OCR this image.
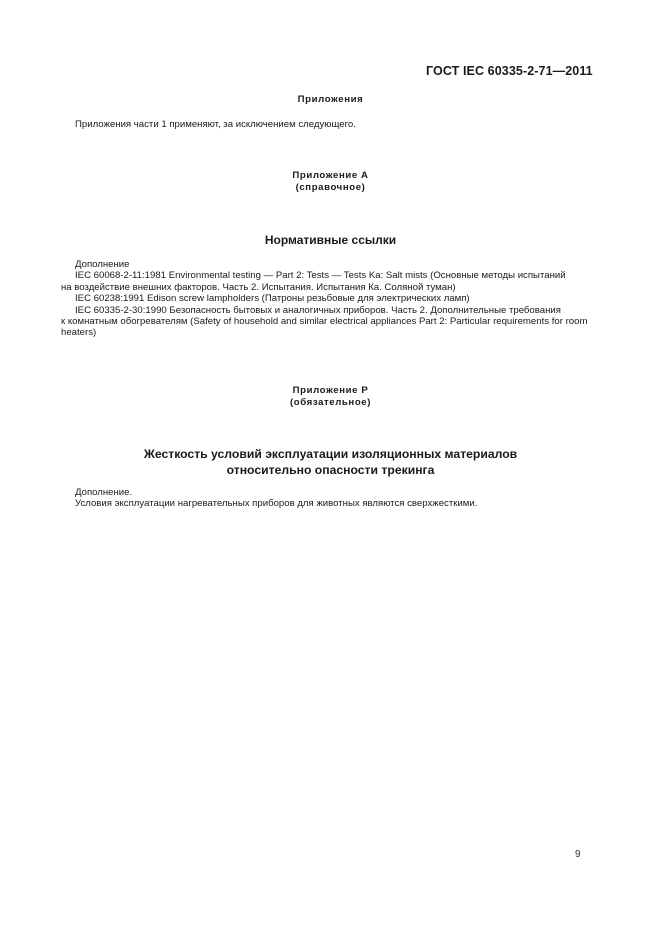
ГОСТ IEC 60335-2-71—2011
Приложения
Приложения части 1 применяют, за исключением следующего.
Приложение А
(справочное)
Нормативные ссылки
Дополнение
IEC 60068-2-11:1981 Environmental testing — Part 2: Tests — Tests Ka: Salt mists (Основные методы испытаний
на воздействие внешних факторов. Часть 2. Испытания. Испытания Ка. Соляной туман)
IEC 60238:1991 Edison screw lampholders (Патроны резьбовые для электрических ламп)
IEC 60335-2-30:1990 Безопасность бытовых и аналогичных приборов. Часть 2. Дополнительные требования
к комнатным обогревателям (Safety of household and similar electrical appliances Part 2: Particular requirements for room
heaters)
Приложение Р
(обязательное)
Жесткость условий эксплуатации изоляционных материалов
относительно опасности трекинга
Дополнение.
Условия эксплуатации нагревательных приборов для животных являются сверхжесткими.
9
